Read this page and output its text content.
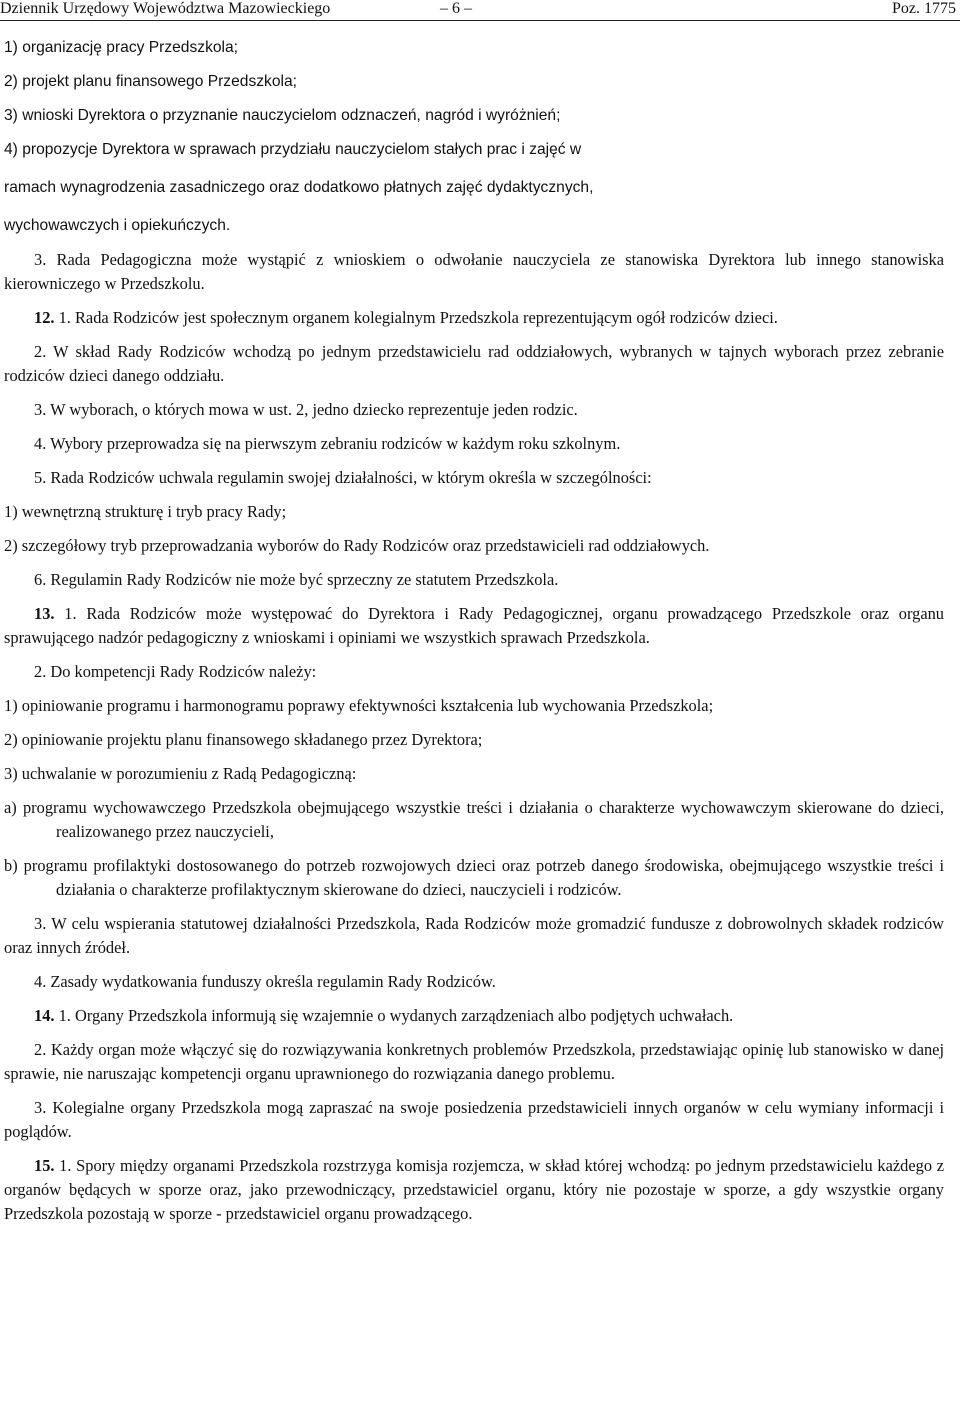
Dziennik Urzędowy Województwa Mazowieckiego	– 6 –	Poz. 1775

1) organizację pracy Przedszkola;

2) projekt planu finansowego Przedszkola;

3) wnioski Dyrektora o przyznanie nauczycielom odznaczeń, nagród i wyróżnień;

4) propozycje Dyrektora w sprawach przydziału nauczycielom stałych prac i zajęć w

ramach wynagrodzenia zasadniczego oraz dodatkowo płatnych zajęć dydaktycznych,

wychowawczych i opiekuńczych.

3. Rada Pedagogiczna może wystąpić z wnioskiem o odwołanie nauczyciela ze stanowiska Dyrektora lub innego stanowiska kierowniczego w Przedszkolu.

12. 1. Rada Rodziców jest społecznym organem kolegialnym Przedszkola reprezentującym ogół rodziców dzieci.

2. W skład Rady Rodziców wchodzą po jednym przedstawicielu rad oddziałowych, wybranych w tajnych wyborach przez zebranie rodziców dzieci danego oddziału.

3. W wyborach, o których mowa w ust. 2, jedno dziecko reprezentuje jeden rodzic.

4. Wybory przeprowadza się na pierwszym zebraniu rodziców w każdym roku szkolnym.

5. Rada Rodziców uchwala regulamin swojej działalności, w którym określa w szczególności:

1) wewnętrzną strukturę i tryb pracy Rady;

2) szczegółowy tryb przeprowadzania wyborów do Rady Rodziców oraz przedstawicieli rad oddziałowych.

6. Regulamin Rady Rodziców nie może być sprzeczny ze statutem Przedszkola.

13. 1. Rada Rodziców może występować do Dyrektora i Rady Pedagogicznej, organu prowadzącego Przedszkole oraz organu sprawującego nadzór pedagogiczny z wnioskami i opiniami we wszystkich sprawach Przedszkola.

2. Do kompetencji Rady Rodziców należy:

1) opiniowanie programu i harmonogramu poprawy efektywności kształcenia lub wychowania Przedszkola;

2) opiniowanie projektu planu finansowego składanego przez Dyrektora;

3) uchwalanie w porozumieniu z Radą Pedagogiczną:

a) programu wychowawczego Przedszkola obejmującego wszystkie treści i działania o charakterze wychowawczym skierowane do dzieci, realizowanego przez nauczycieli,

b) programu profilaktyki dostosowanego do potrzeb rozwojowych dzieci oraz potrzeb danego środowiska, obejmującego wszystkie treści i działania o charakterze profilaktycznym skierowane do dzieci, nauczycieli i rodziców.

3. W celu wspierania statutowej działalności Przedszkola, Rada Rodziców może gromadzić fundusze z dobrowolnych składek rodziców oraz innych źródeł.

4. Zasady wydatkowania funduszy określa regulamin Rady Rodziców.

14. 1. Organy Przedszkola informują się wzajemnie o wydanych zarządzeniach albo podjętych uchwałach.

2. Każdy organ może włączyć się do rozwiązywania konkretnych problemów Przedszkola, przedstawiając opinię lub stanowisko w danej sprawie, nie naruszając kompetencji organu uprawnionego do rozwiązania danego problemu.

3. Kolegialne organy Przedszkola mogą zapraszać na swoje posiedzenia przedstawicieli innych organów w celu wymiany informacji i poglądów.

15. 1. Spory między organami Przedszkola rozstrzyga komisja rozjemcza, w skład której wchodzą: po jednym przedstawicielu każdego z organów będących w sporze oraz, jako przewodniczący, przedstawiciel organu, który nie pozostaje w sporze, a gdy wszystkie organy Przedszkola pozostają w sporze - przedstawiciel organu prowadzącego.
